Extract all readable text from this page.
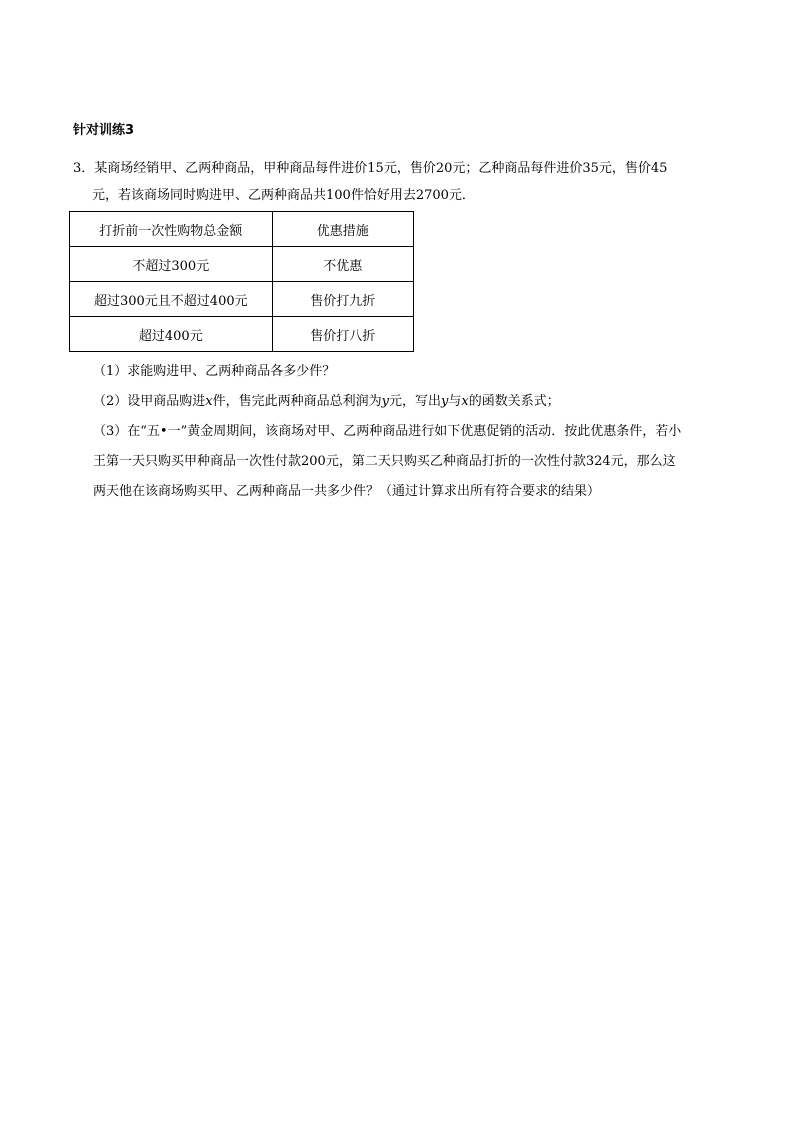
针对训练3
3．某商场经销甲、乙两种商品，甲种商品每件进价15元，售价20元；乙种商品每件进价35元，售价45
元，若该商场同时购进甲、乙两种商品共100件恰好用去2700元．
打折前一次性购物总金额	优惠措施
不超过300元	不优惠
超过300元且不超过400元	售价打九折
超过400元	售价打八折
（1）求能购进甲、乙两种商品各多少件？
（2）设甲商品购进x件，售完此两种商品总利润为y元，写出y与x的函数关系式；
（3）在“五•一”黄金周期间，该商场对甲、乙两种商品进行如下优惠促销的活动．按此优惠条件，若小
王第一天只购买甲种商品一次性付款200元，第二天只购买乙种商品打折的一次性付款324元，那么这
两天他在该商场购买甲、乙两种商品一共多少件？（通过计算求出所有符合要求的结果）
